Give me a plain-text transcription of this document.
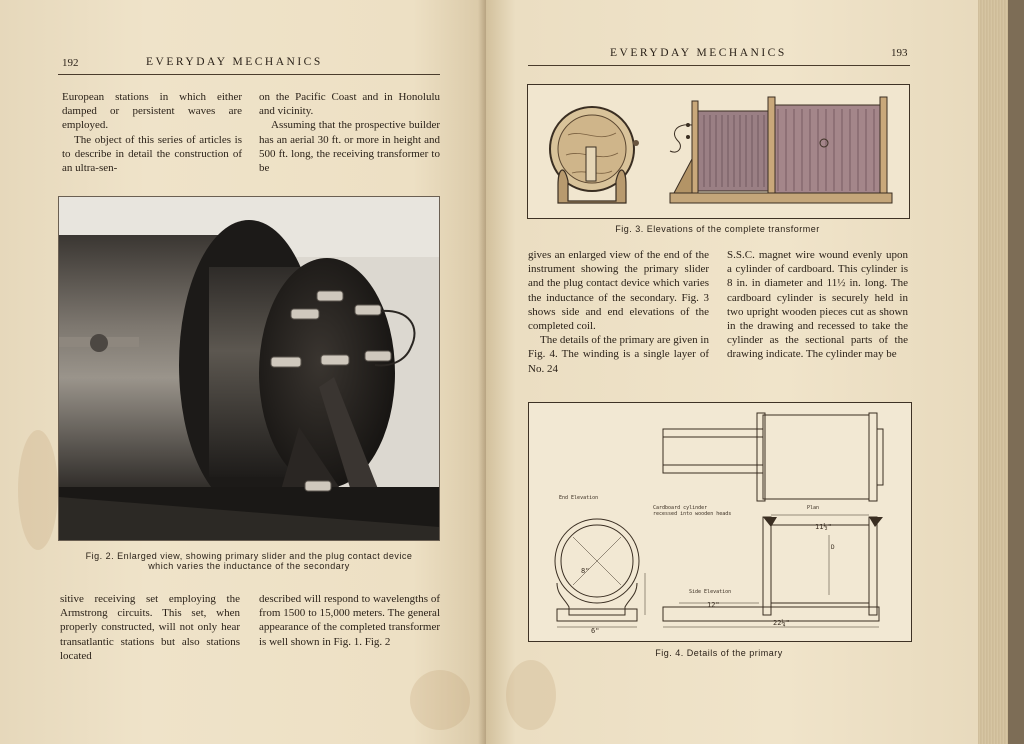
192	EVERYDAY MECHANICS

European stations in which either damped or persistent waves are employed.

The object of this series of articles is to describe in detail the construction of an ultra-sen-

on the Pacific Coast and in Honolulu and vicinity.

Assuming that the prospective builder has an aerial 30 ft. or more in height and 500 ft. long, the receiving transformer to be

Fig. 2. Enlarged view, showing primary slider and the plug contact device
which varies the inductance of the secondary

sitive receiving set employing the Armstrong circuits. This set, when properly constructed, will not only hear transatlantic stations but also stations located

described will respond to wavelengths of from 1500 to 15,000 meters. The general appearance of the completed transformer is well shown in Fig. 1. Fig. 2

EVERYDAY MECHANICS	193
Fig. 3. Elevations of the complete transformer

gives an enlarged view of the end of the instrument showing the primary slider and the plug contact device which varies the inductance of the secondary. Fig. 3 shows side and end elevations of the completed coil.

The details of the primary are given in Fig. 4. The winding is a single layer of No. 24

S.S.C. magnet wire wound evenly upon a cylinder of cardboard. This cylinder is 8 in. in diameter and 11½ in. long. The cardboard cylinder is securely held in two upright wooden pieces cut as shown in the drawing and recessed to take the cylinder as the sectional parts of the drawing indicate. The cylinder may be

End Elevation
Cardboard cylinder
recessed into wooden heads
Plan
Side Elevation
11½"
12"
22¼"
6"
8"
D
Fig. 4. Details of the primary
